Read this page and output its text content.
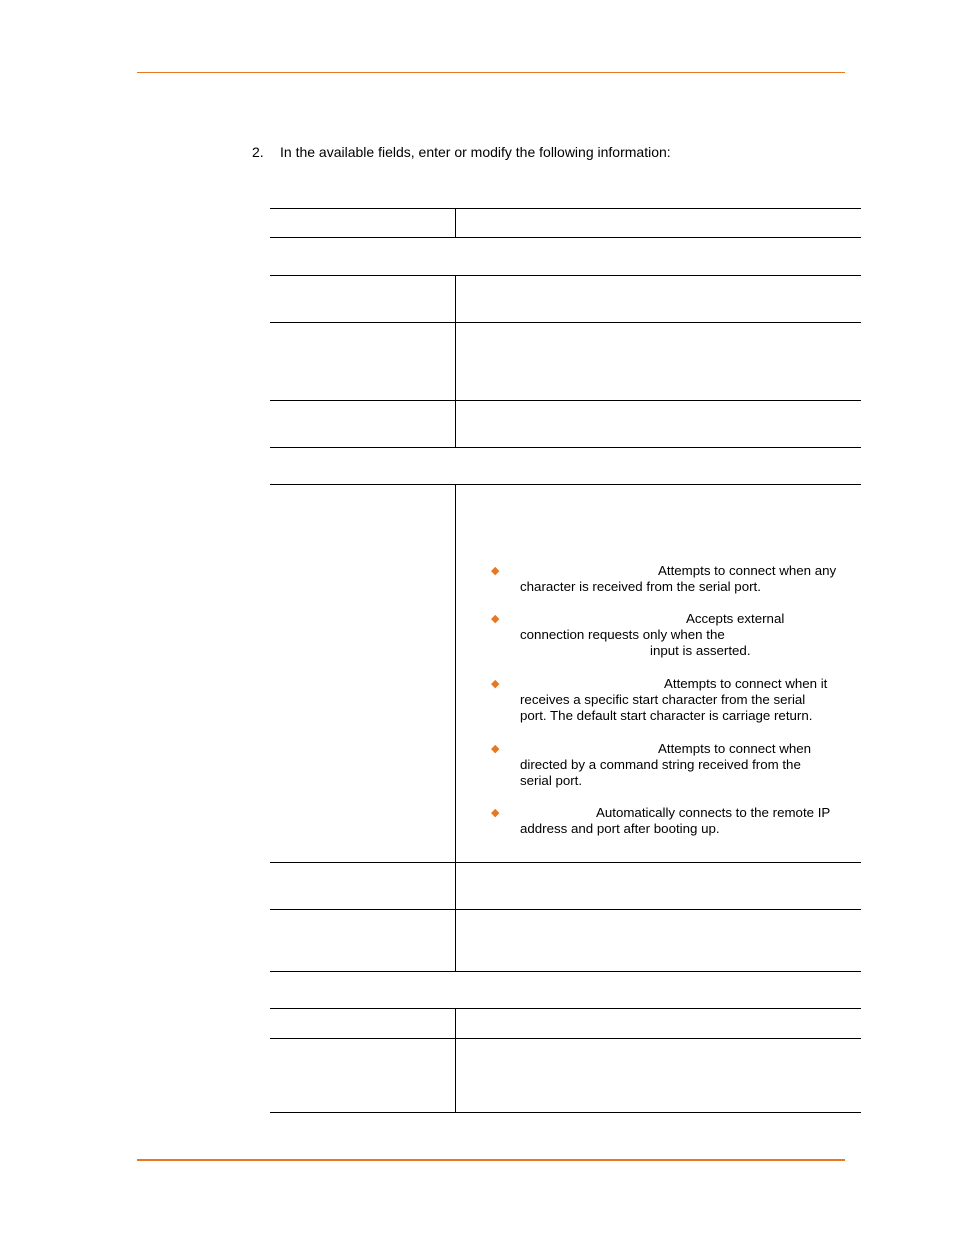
2. In the available fields, enter or modify the following information:
◆	Attempts to connect when any
character is received from the serial port.
◆	Accepts external
connection requests only when the
input is asserted.
◆	Attempts to connect when it
receives a specific start character from the serial
port. The default start character is carriage return.
◆	Attempts to connect when
directed by a command string received from the
serial port.
◆	Automatically connects to the remote IP
address and port after booting up.
